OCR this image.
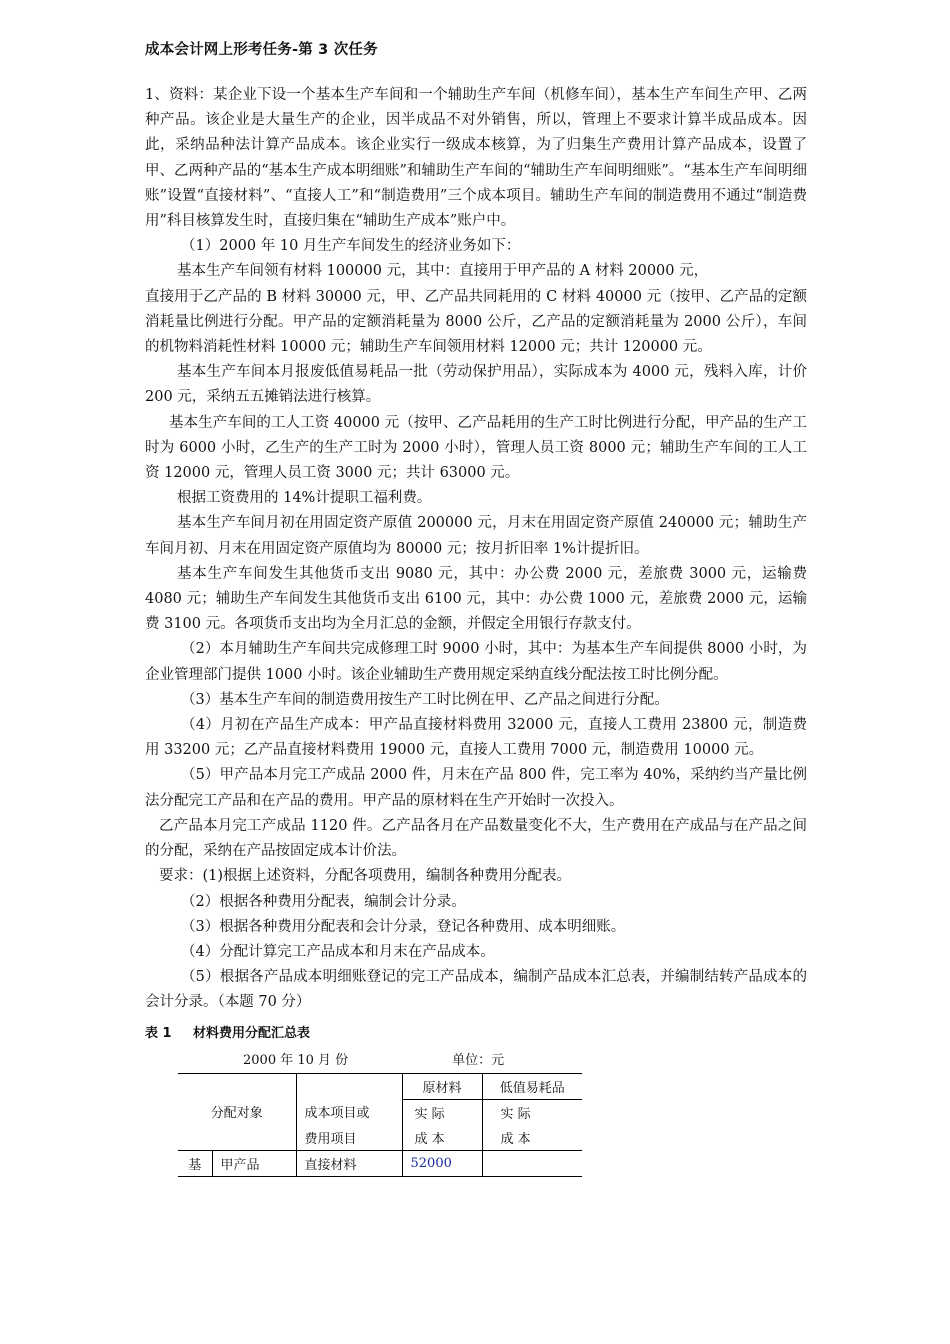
成本会计网上形考任务-第 3 次任务

1、资料：某企业下设一个基本生产车间和一个辅助生产车间（机修车间），基本生产车间生产甲、乙两种产品。该企业是大量生产的企业，因半成品不对外销售，所以，管理上不要求计算半成品成本。因此，采纳品种法计算产品成本。该企业实行一级成本核算，为了归集生产费用计算产品成本，设置了甲、乙两种产品的“基本生产成本明细账”和辅助生产车间的“辅助生产车间明细账”。“基本生产车间明细账”设置“直接材料”、“直接人工”和“制造费用”三个成本项目。辅助生产车间的制造费用不通过“制造费用”科目核算发生时，直接归集在“辅助生产成本”账户中。

（1）2000 年 10 月生产车间发生的经济业务如下：

基本生产车间领有材料 100000 元，其中：直接用于甲产品的 A 材料 20000 元，

直接用于乙产品的 B 材料 30000 元，甲、乙产品共同耗用的 C 材料 40000 元（按甲、乙产品的定额消耗量比例进行分配。甲产品的定额消耗量为 8000 公斤，乙产品的定额消耗量为 2000 公斤），车间的机物料消耗性材料 10000 元；辅助生产车间领用材料 12000 元；共计 120000 元。

基本生产车间本月报废低值易耗品一批（劳动保护用品），实际成本为 4000 元，残料入库，计价 200 元，采纳五五摊销法进行核算。

基本生产车间的工人工资 40000 元（按甲、乙产品耗用的生产工时比例进行分配，甲产品的生产工时为 6000 小时，乙生产的生产工时为 2000 小时），管理人员工资 8000 元；辅助生产车间的工人工资 12000 元，管理人员工资 3000 元；共计 63000 元。

根据工资费用的 14%计提职工福利费。

基本生产车间月初在用固定资产原值 200000 元，月末在用固定资产原值 240000 元；辅助生产车间月初、月末在用固定资产原值均为 80000 元；按月折旧率 1%计提折旧。

基本生产车间发生其他货币支出 9080 元，其中：办公费 2000 元，差旅费 3000 元，运输费 4080 元；辅助生产车间发生其他货币支出 6100 元，其中：办公费 1000 元，差旅费 2000 元，运输费 3100 元。各项货币支出均为全月汇总的金额，并假定全用银行存款支付。

（2）本月辅助生产车间共完成修理工时 9000 小时，其中：为基本生产车间提供 8000 小时，为企业管理部门提供 1000 小时。该企业辅助生产费用规定采纳直线分配法按工时比例分配。

（3）基本生产车间的制造费用按生产工时比例在甲、乙产品之间进行分配。

（4）月初在产品生产成本：甲产品直接材料费用 32000 元，直接人工费用 23800 元，制造费用 33200 元；乙产品直接材料费用 19000 元，直接人工费用 7000 元，制造费用 10000 元。

（5）甲产品本月完工产成品 2000 件，月末在产品 800 件，完工率为 40%，采纳约当产量比例法分配完工产品和在产品的费用。甲产品的原材料在生产开始时一次投入。

乙产品本月完工产成品 1120 件。乙产品各月在产品数量变化不大，生产费用在产成品与在产品之间的分配，采纳在产品按固定成本计价法。

要求：(1)根据上述资料，分配各项费用，编制各种费用分配表。

（2）根据各种费用分配表，编制会计分录。

（3）根据各种费用分配表和会计分录，登记各种费用、成本明细账。

（4）分配计算完工产品成本和月末在产品成本。

（5）根据各产品成本明细账登记的完工产品成本，编制产品成本汇总表，并编制结转产品成本的会计分录。（本题 70 分）

表 1 材料费用分配汇总表
2000 年 10 月 份	单位：元
分配对象			原材料	低值易耗品
		成本项目或	实 际	实 际
		费用项目	成 本	成 本
基	甲产品	直接材料	52000	
